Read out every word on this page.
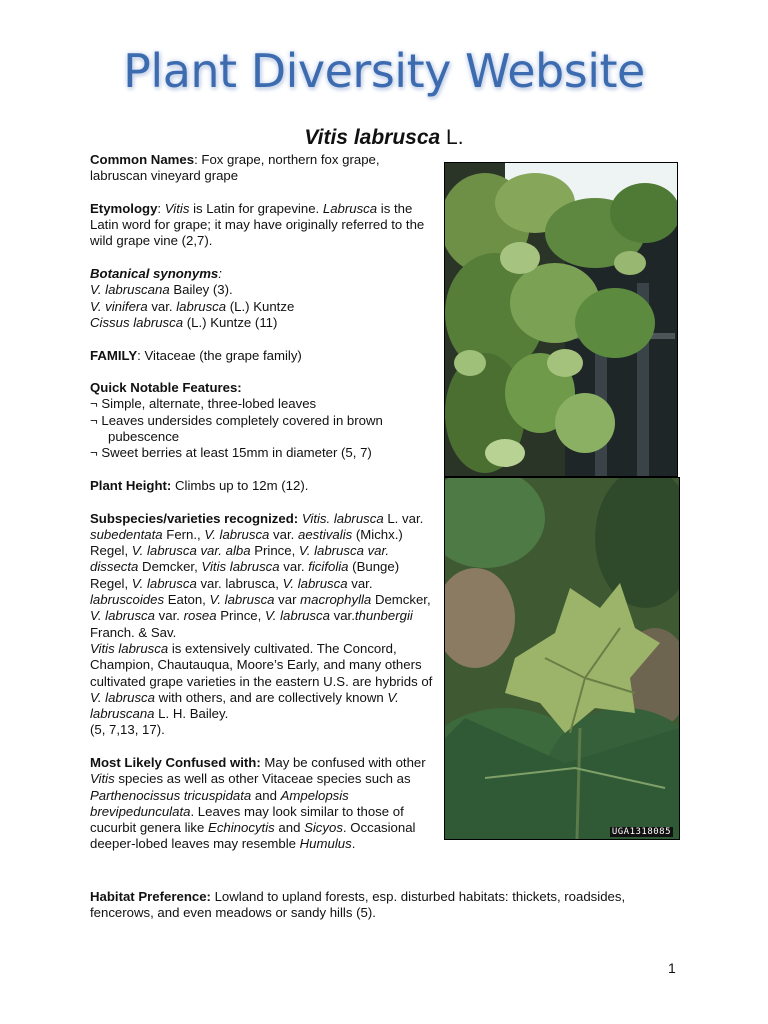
Plant Diversity Website
Vitis labrusca L.

Common Names: Fox grape, northern fox grape, labruscan vineyard grape

Etymology: Vitis is Latin for grapevine. Labrusca is the Latin word for grape; it may have originally referred to the wild grape vine (2,7).

Botanical synonyms:
V. labruscana Bailey (3).
V. vinifera var. labrusca (L.) Kuntze
Cissus labrusca (L.) Kuntze (11)

FAMILY: Vitaceae (the grape family)

Quick Notable Features:
¬ Simple, alternate, three-lobed leaves
¬ Leaves undersides completely covered in brown
pubescence
¬ Sweet berries at least 15mm in diameter (5, 7)

Plant Height: Climbs up to 12m (12).

Subspecies/varieties recognized: Vitis. labrusca L. var. subedentata Fern., V. labrusca var. aestivalis (Michx.) Regel, V. labrusca var. alba Prince, V. labrusca var. dissecta Demcker, Vitis labrusca var. ficifolia (Bunge) Regel, V. labrusca var. labrusca, V. labrusca var. labruscoides Eaton, V. labrusca var macrophylla Demcker, V. labrusca var. rosea Prince, V. labrusca var.thunbergii Franch. & Sav.
Vitis labrusca is extensively cultivated. The Concord, Champion, Chautauqua, Moore’s Early, and many others cultivated grape varieties in the eastern U.S. are hybrids of V. labrusca with others, and are collectively known V. labruscana L. H. Bailey.
(5, 7,13, 17).

Most Likely Confused with: May be confused with other Vitis species as well as other Vitaceae species such as Parthenocissus tricuspidata and Ampelopsis brevipedunculata. Leaves may look similar to those of cucurbit genera like Echinocytis and Sicyos. Occasional deeper-lobed leaves may resemble Humulus.

Habitat Preference: Lowland to upland forests, esp. disturbed habitats: thickets, roadsides, fencerows, and even meadows or sandy hills (5).

UGA1318085
1
